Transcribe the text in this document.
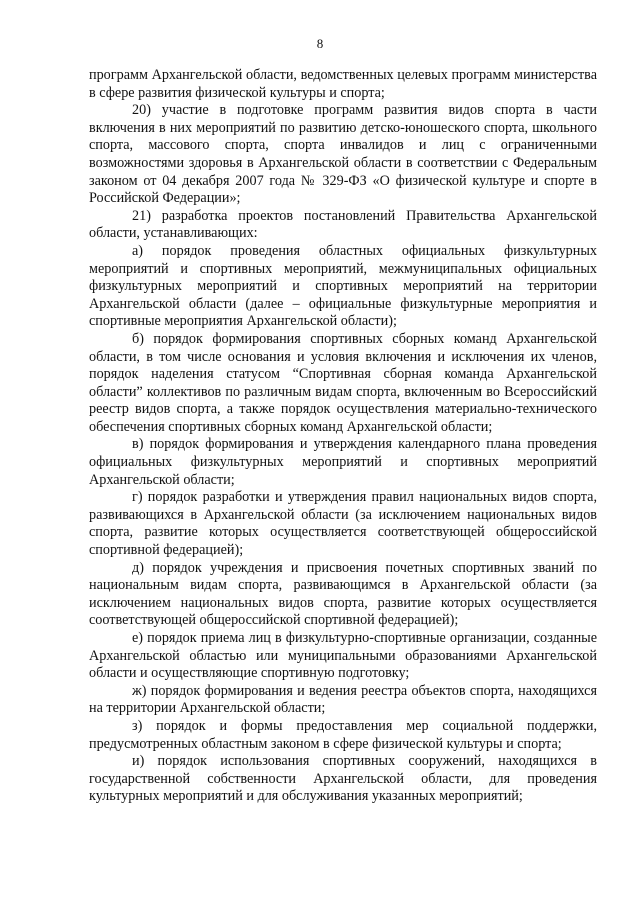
8

программ Архангельской области, ведомственных целевых программ министерства в сфере развития физической культуры и спорта;

20) участие в подготовке программ развития видов спорта в части включения в них мероприятий по развитию детско-юношеского спорта, школьного спорта, массового спорта, спорта инвалидов и лиц с ограниченными возможностями здоровья в Архангельской области в соответствии с Федеральным законом от 04 декабря 2007 года № 329-ФЗ «О физической культуре и спорте в Российской Федерации»;

21) разработка проектов постановлений Правительства Архангельской области, устанавливающих:

а) порядок проведения областных официальных физкультурных мероприятий и спортивных мероприятий, межмуниципальных официальных физкультурных мероприятий и спортивных мероприятий на территории Архангельской области (далее – официальные физкультурные мероприятия и спортивные мероприятия Архангельской области);

б) порядок формирования спортивных сборных команд Архангельской области, в том числе основания и условия включения и исключения их членов, порядок наделения статусом “Спортивная сборная команда Архангельской области” коллективов по различным видам спорта, включенным во Всероссийский реестр видов спорта, а также порядок осуществления материально-технического обеспечения спортивных сборных команд Архангельской области;

в) порядок формирования и утверждения календарного плана проведения официальных физкультурных мероприятий и спортивных мероприятий Архангельской области;

г) порядок разработки и утверждения правил национальных видов спорта, развивающихся в Архангельской области (за исключением национальных видов спорта, развитие которых осуществляется соответствующей общероссийской спортивной федерацией);

д) порядок учреждения и присвоения почетных спортивных званий по национальным видам спорта, развивающимся в Архангельской области (за исключением национальных видов спорта, развитие которых осуществляется соответствующей общероссийской спортивной федерацией);

е) порядок приема лиц в физкультурно-спортивные организации, созданные Архангельской областью или муниципальными образованиями Архангельской области и осуществляющие спортивную подготовку;

ж) порядок формирования и ведения реестра объектов спорта, находящихся на территории Архангельской области;

з) порядок и формы предоставления мер социальной поддержки, предусмотренных областным законом в сфере физической культуры и спорта;

и) порядок использования спортивных сооружений, находящихся в государственной собственности Архангельской области, для проведения культурных мероприятий и для обслуживания указанных мероприятий;
